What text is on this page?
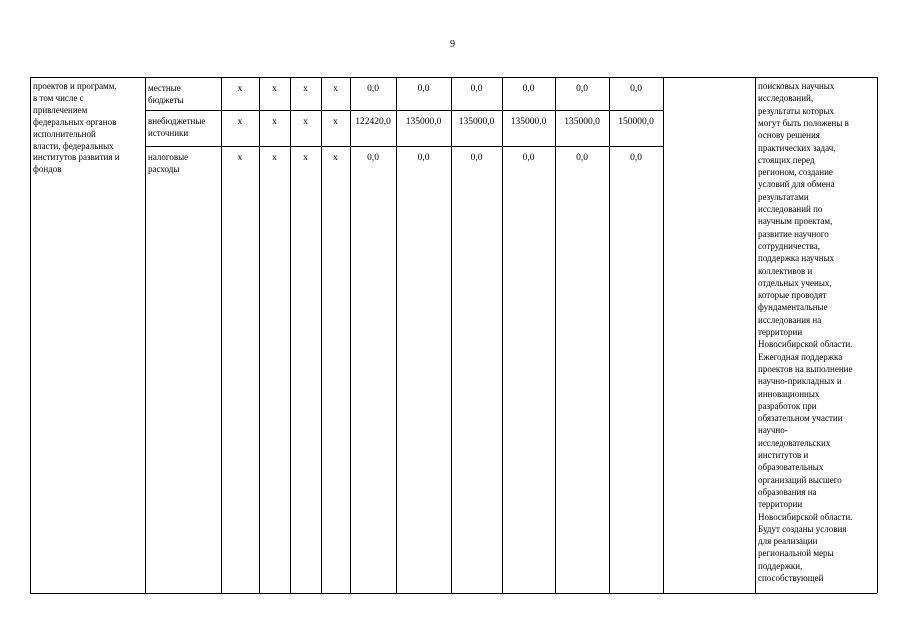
9
проектов и программ,
в том числе с
привлечением
федеральных органов
исполнительной
власти, федеральных
институтов развития и
фондов
местные
бюджеты
х	х	х	х	0,0	0,0	0,0	0,0	0,0	0,0
внебюджетные
источники
х	х	х	х	122420,0	135000,0	135000,0	135000,0	135000,0	150000,0
налоговые
расходы
х	х	х	х	0,0	0,0	0,0	0,0	0,0	0,0
поисковых научных
исследований,
результаты которых
могут быть положены в
основу решения
практических задач,
стоящих перед
регионом, создание
условий для обмена
результатами
исследований по
научным проектам,
развитие научного
сотрудничества,
поддержка научных
коллективов и
отдельных ученых,
которые проводят
фундаментальные
исследования на
территории
Новосибирской области.
Ежегодная поддержка
проектов на выполнение
научно-прикладных и
инновационных
разработок при
обязательном участии
научно-
исследовательских
институтов и
образовательных
организаций высшего
образования на
территории
Новосибирской области.
Будут созданы условия
для реализации
региональной меры
поддержки,
способствующей
